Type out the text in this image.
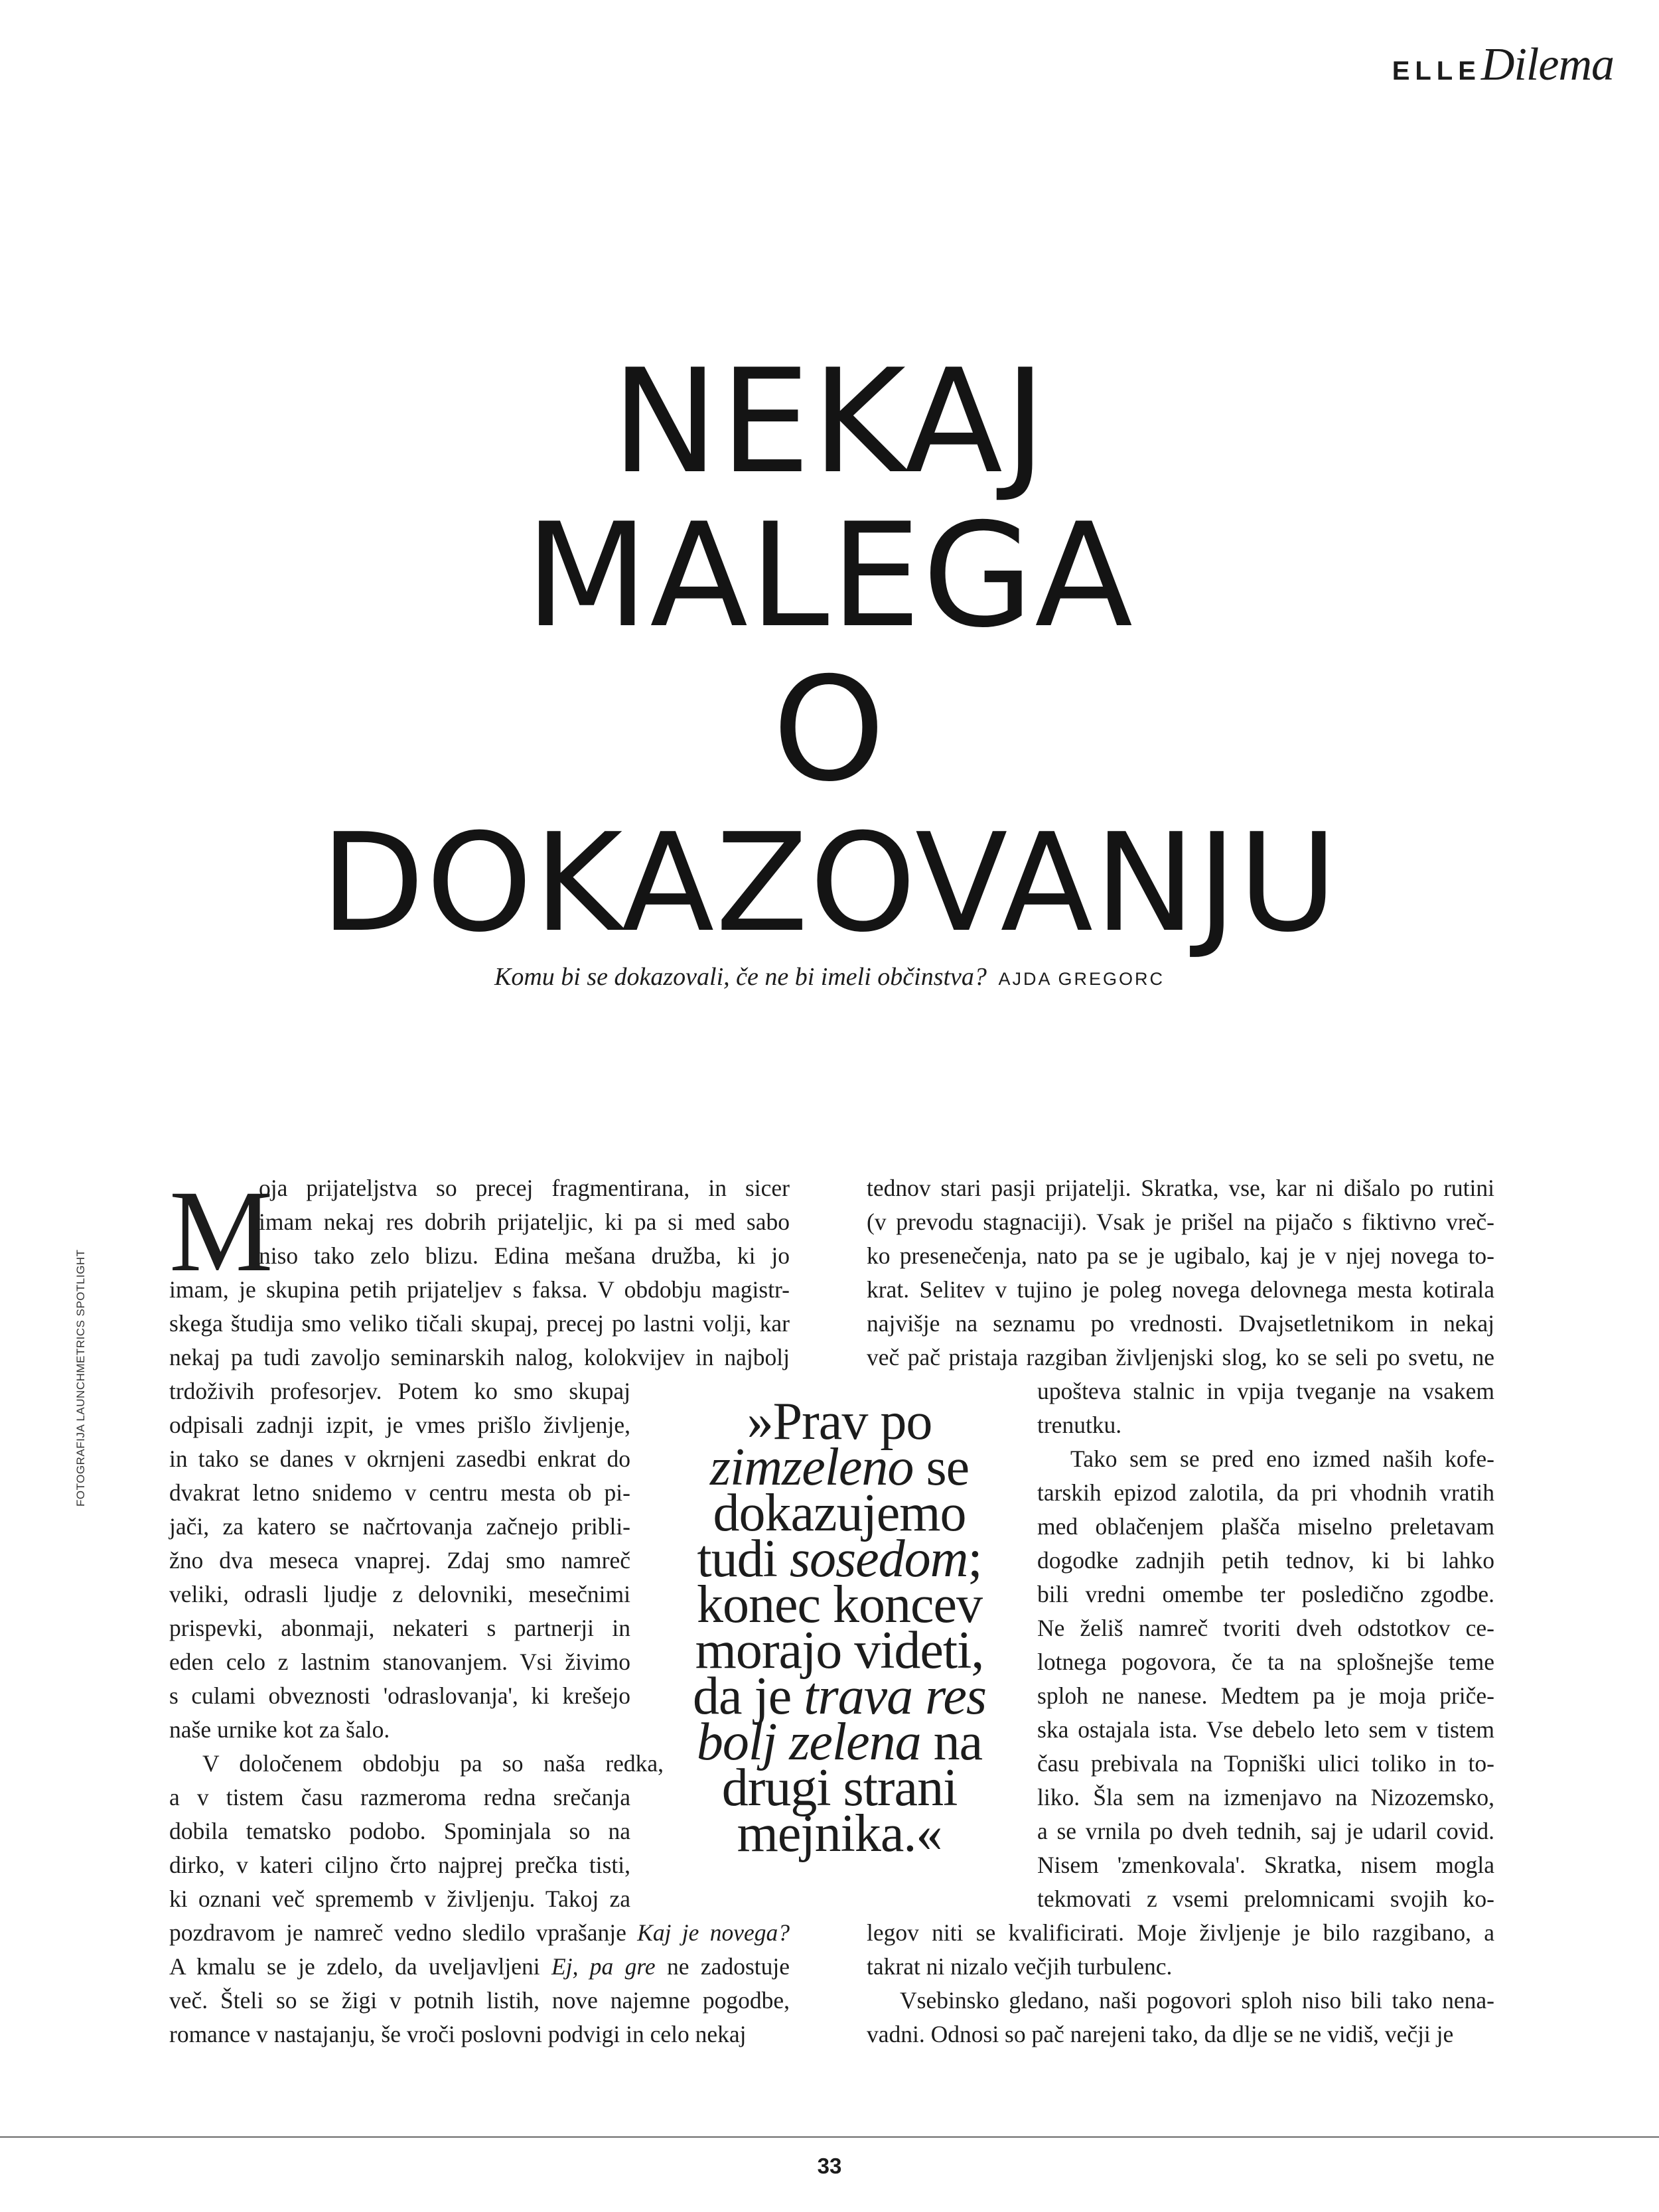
ELLE Dilema
NEKAJ
MALEGA
O
DOKAZOVANJU
Komu bi se dokazovali, če ne bi imeli občinstva? AJDA GREGORC
FOTOGRAFIJA LAUNCHMETRICS SPOTLIGHT
M
oja prijateljstva so precej fragmentirana, in sicer
imam nekaj res dobrih prijateljic, ki pa si med sabo
niso tako zelo blizu. Edina mešana družba, ki jo
imam, je skupina petih prijateljev s faksa. V obdobju magistr-
skega študija smo veliko tičali skupaj, precej po lastni volji, kar
nekaj pa tudi zavoljo seminarskih nalog, kolokvijev in najbolj
trdoživih profesorjev. Potem ko smo skupaj
odpisali zadnji izpit, je vmes prišlo življenje,
in tako se danes v okrnjeni zasedbi enkrat do
dvakrat letno snidemo v centru mesta ob pi-
jači, za katero se načrtovanja začnejo pribli-
žno dva meseca vnaprej. Zdaj smo namreč
veliki, odrasli ljudje z delovniki, mesečnimi
prispevki, abonmaji, nekateri s partnerji in
eden celo z lastnim stanovanjem. Vsi živimo
s culami obveznosti 'odraslovanja', ki krešejo
naše urnike kot za šalo.
V določenem obdobju pa so naša redka,
a v tistem času razmeroma redna srečanja
dobila tematsko podobo. Spominjala so na
dirko, v kateri ciljno črto najprej prečka tisti,
ki oznani več sprememb v življenju. Takoj za
pozdravom je namreč vedno sledilo vprašanje Kaj je novega?
A kmalu se je zdelo, da uveljavljeni Ej, pa gre ne zadostuje
več. Šteli so se žigi v potnih listih, nove najemne pogodbe,
romance v nastajanju, še vroči poslovni podvigi in celo nekaj
»Prav po
zimzeleno se
dokazujemo
tudi sosedom;
konec koncev
morajo videti,
da je trava res
bolj zelena na
drugi strani
mejnika.«
tednov stari pasji prijatelji. Skratka, vse, kar ni dišalo po rutini
(v prevodu stagnaciji). Vsak je prišel na pijačo s fiktivno vreč-
ko presenečenja, nato pa se je ugibalo, kaj je v njej novega to-
krat. Selitev v tujino je poleg novega delovnega mesta kotirala
najvišje na seznamu po vrednosti. Dvajsetletnikom in nekaj
več pač pristaja razgiban življenjski slog, ko se seli po svetu, ne
upošteva stalnic in vpija tveganje na vsakem
trenutku.
Tako sem se pred eno izmed naših kofe-
tarskih epizod zalotila, da pri vhodnih vratih
med oblačenjem plašča miselno preletavam
dogodke zadnjih petih tednov, ki bi lahko
bili vredni omembe ter posledično zgodbe.
Ne želiš namreč tvoriti dveh odstotkov ce-
lotnega pogovora, če ta na splošnejše teme
sploh ne nanese. Medtem pa je moja priče-
ska ostajala ista. Vse debelo leto sem v tistem
času prebivala na Topniški ulici toliko in to-
liko. Šla sem na izmenjavo na Nizozemsko,
a se vrnila po dveh tednih, saj je udaril covid.
Nisem 'zmenkovala'. Skratka, nisem mogla
tekmovati z vsemi prelomnicami svojih ko-
legov niti se kvalificirati. Moje življenje je bilo razgibano, a
takrat ni nizalo večjih turbulenc.
Vsebinsko gledano, naši pogovori sploh niso bili tako nena-
vadni. Odnosi so pač narejeni tako, da dlje se ne vidiš, večji je
33
